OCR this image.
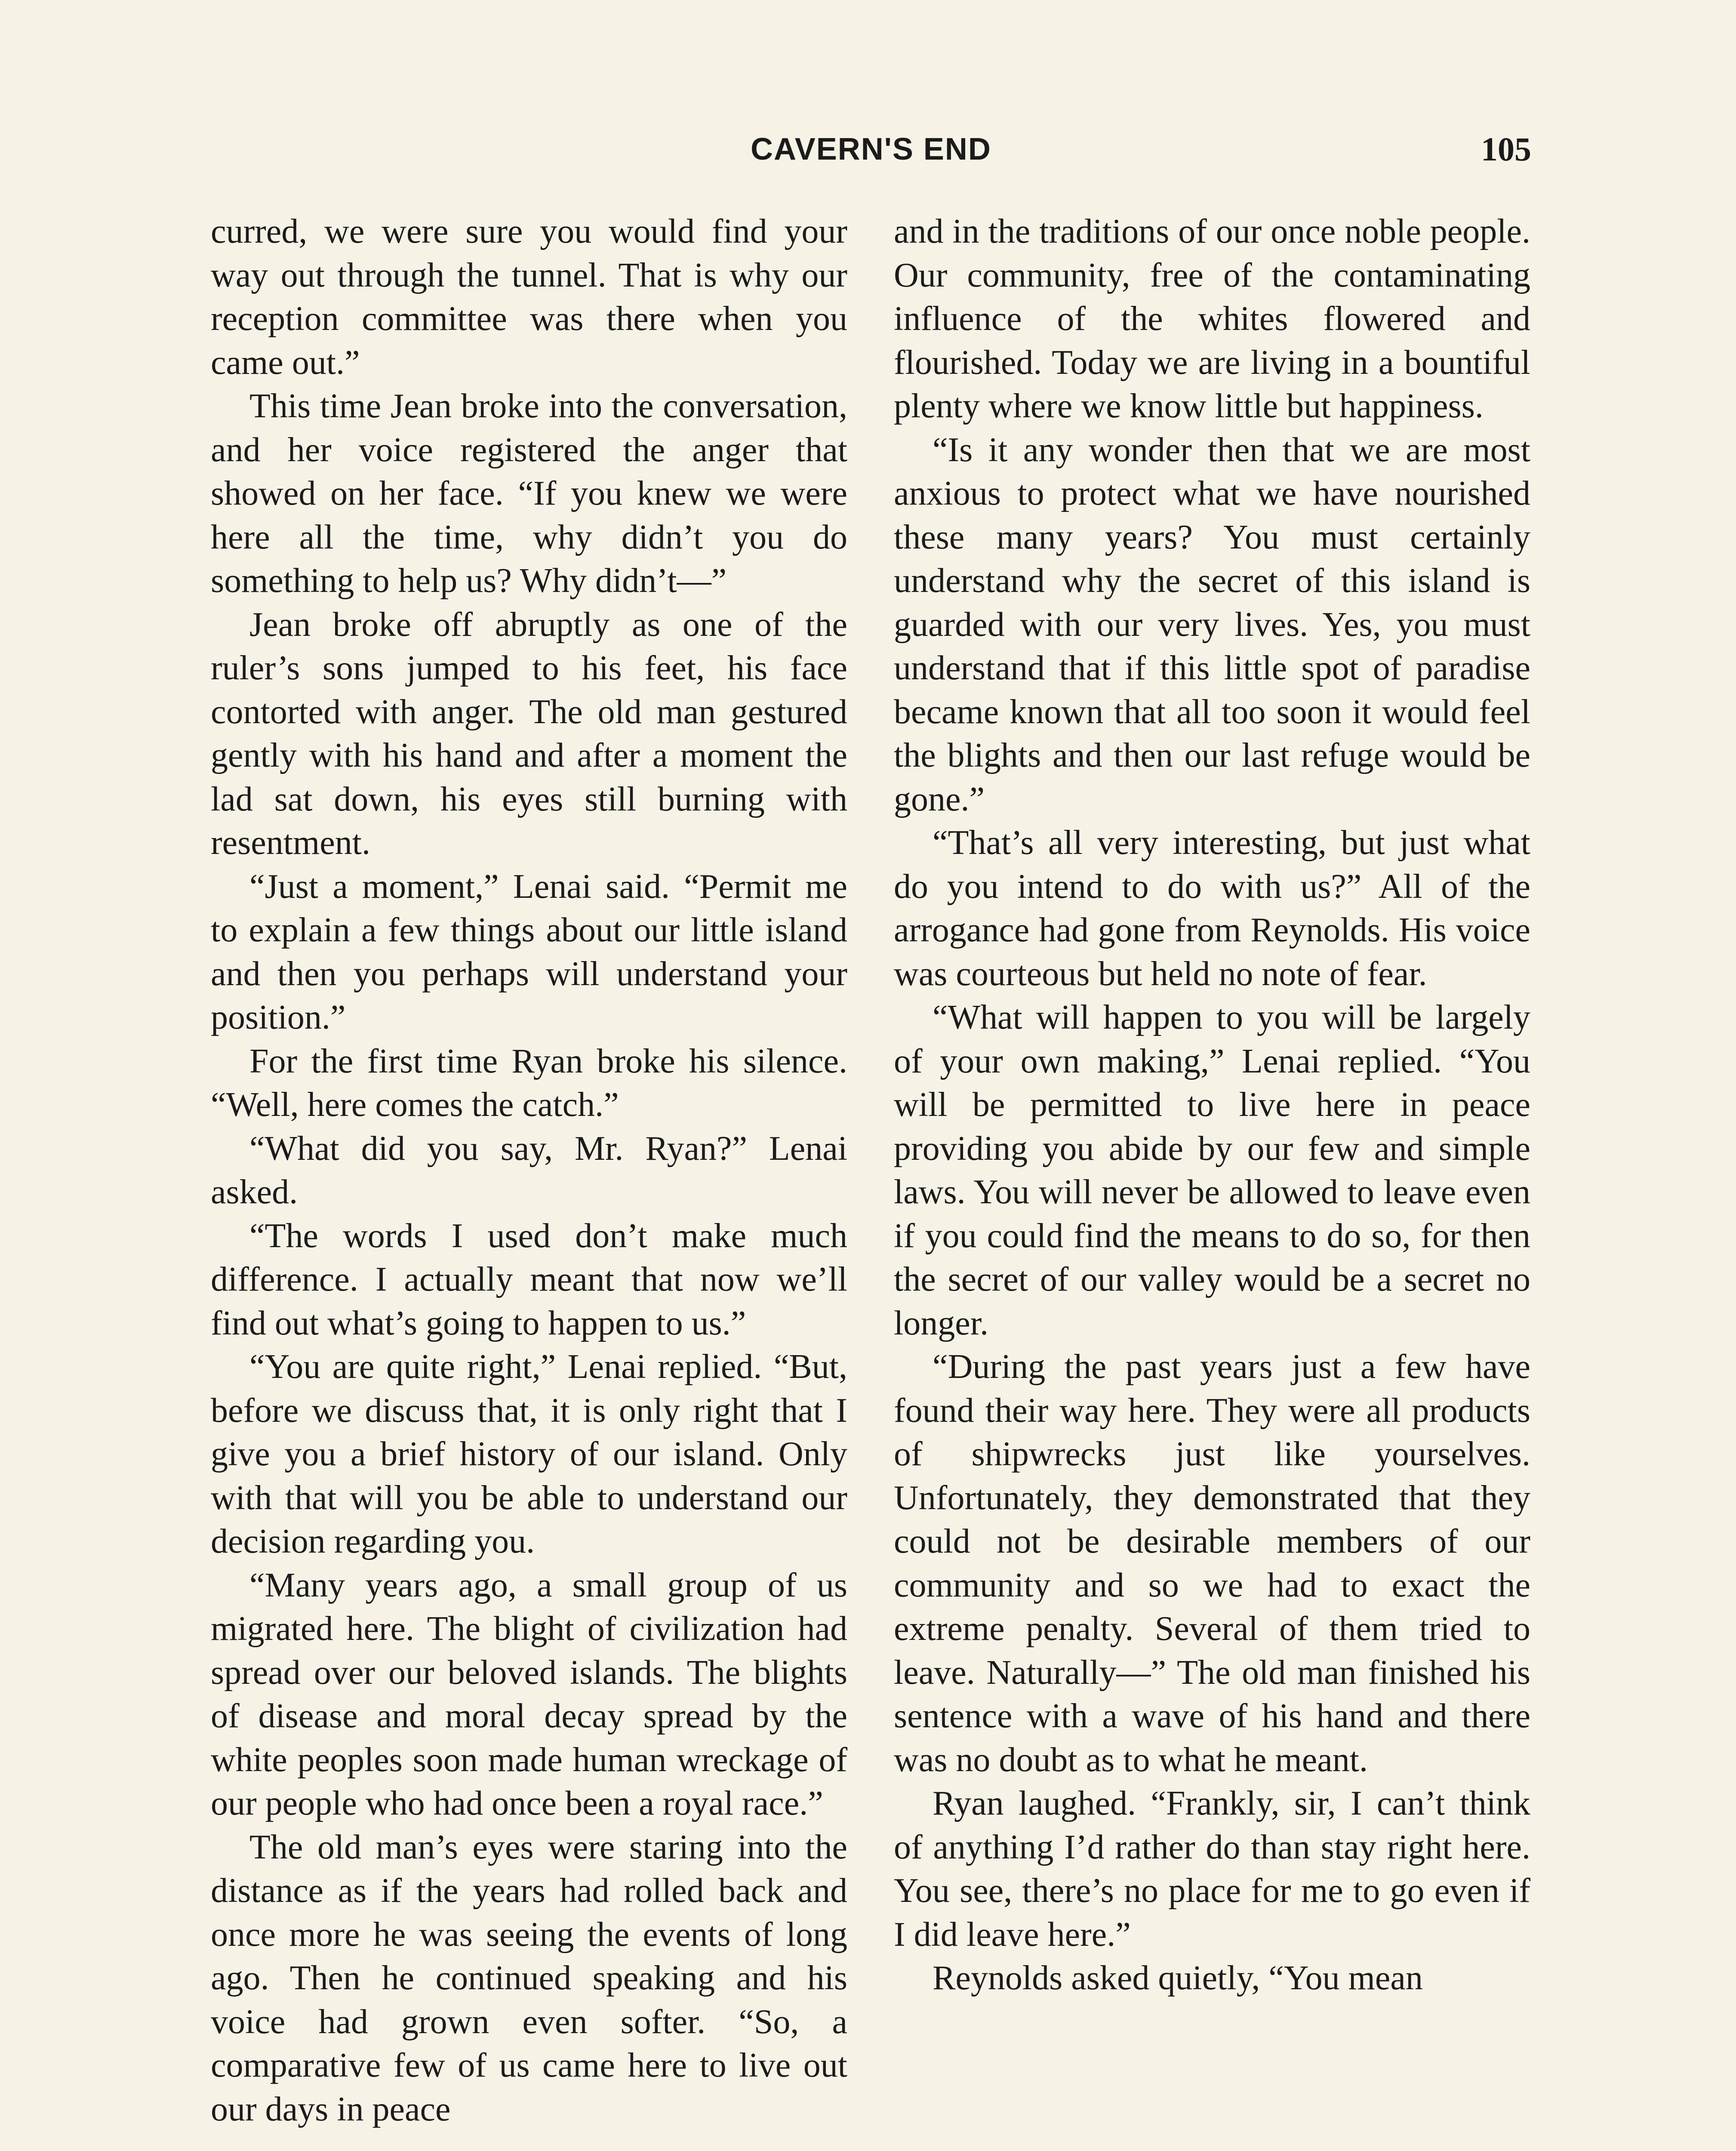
CAVERN'S END	105

curred, we were sure you would find your way out through the tunnel. That is why our reception committee was there when you came out.”

This time Jean broke into the conversation, and her voice registered the anger that showed on her face. “If you knew we were here all the time, why didn’t you do something to help us? Why didn’t—”

Jean broke off abruptly as one of the ruler’s sons jumped to his feet, his face contorted with anger. The old man gestured gently with his hand and after a moment the lad sat down, his eyes still burning with resentment.

“Just a moment,” Lenai said. “Permit me to explain a few things about our little island and then you perhaps will understand your position.”

For the first time Ryan broke his silence. “Well, here comes the catch.”

“What did you say, Mr. Ryan?” Lenai asked.

“The words I used don’t make much difference. I actually meant that now we’ll find out what’s going to happen to us.”

“You are quite right,” Lenai replied. “But, before we discuss that, it is only right that I give you a brief history of our island. Only with that will you be able to understand our decision regarding you.

“Many years ago, a small group of us migrated here. The blight of civilization had spread over our beloved islands. The blights of disease and moral decay spread by the white peoples soon made human wreckage of our people who had once been a royal race.”

The old man’s eyes were staring into the distance as if the years had rolled back and once more he was seeing the events of long ago. Then he continued speaking and his voice had grown even softer. “So, a comparative few of us came here to live out our days in peace

and in the traditions of our once noble people. Our community, free of the contaminating influence of the whites flowered and flourished. Today we are living in a bountiful plenty where we know little but happiness.

“Is it any wonder then that we are most anxious to protect what we have nourished these many years? You must certainly understand why the secret of this island is guarded with our very lives. Yes, you must understand that if this little spot of paradise became known that all too soon it would feel the blights and then our last refuge would be gone.”

“That’s all very interesting, but just what do you intend to do with us?” All of the arrogance had gone from Reynolds. His voice was courteous but held no note of fear.

“What will happen to you will be largely of your own making,” Lenai replied. “You will be permitted to live here in peace providing you abide by our few and simple laws. You will never be allowed to leave even if you could find the means to do so, for then the secret of our valley would be a secret no longer.

“During the past years just a few have found their way here. They were all products of shipwrecks just like yourselves. Unfortunately, they demonstrated that they could not be desirable members of our community and so we had to exact the extreme penalty. Several of them tried to leave. Naturally—” The old man finished his sentence with a wave of his hand and there was no doubt as to what he meant.

Ryan laughed. “Frankly, sir, I can’t think of anything I’d rather do than stay right here. You see, there’s no place for me to go even if I did leave here.”

Reynolds asked quietly, “You mean
